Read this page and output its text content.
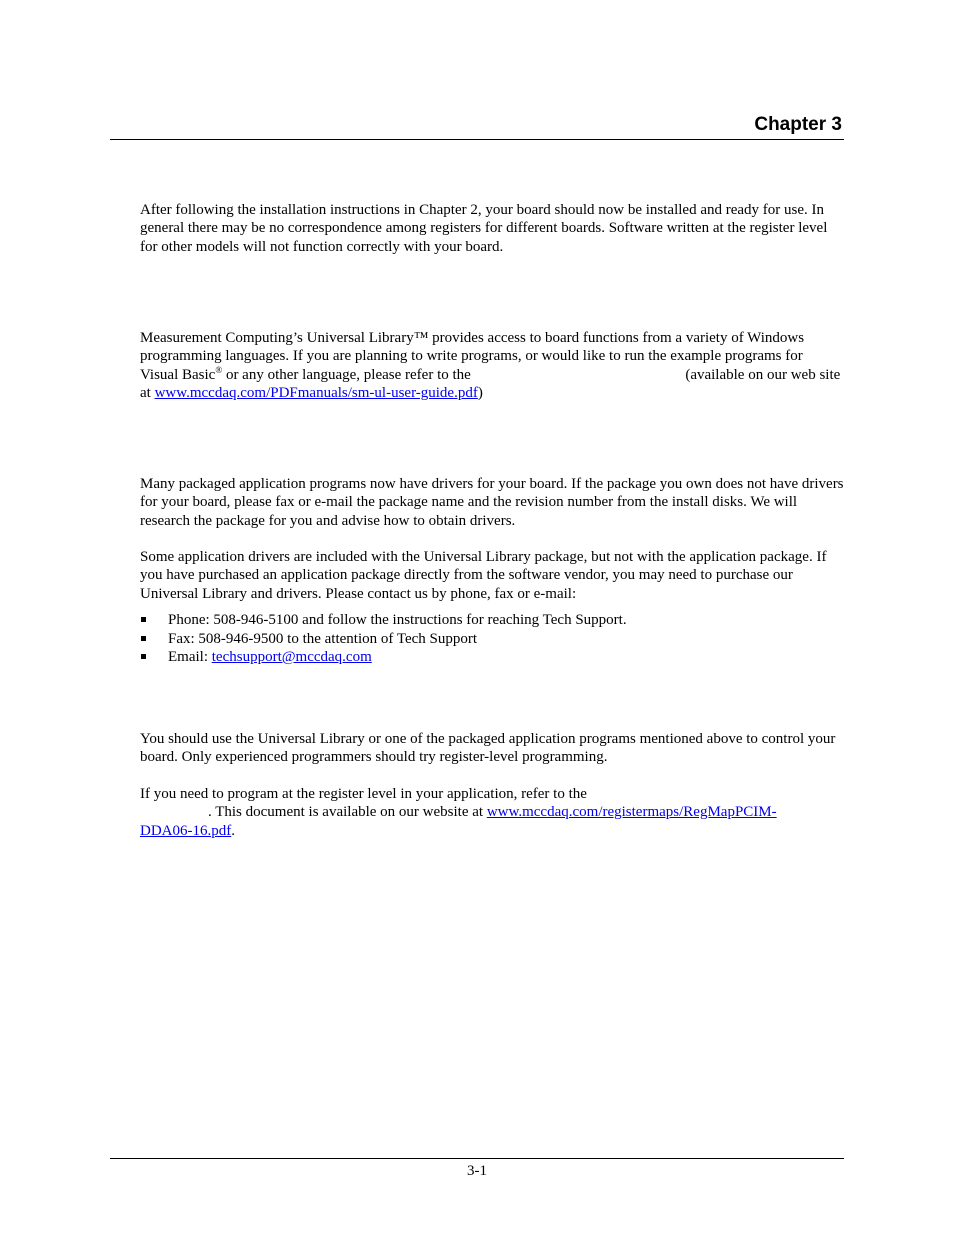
Chapter 3

After following the installation instructions in Chapter 2, your board should now be installed and ready for use. In general there may be no correspondence among registers for different boards. Software written at the register level for other models will not function correctly with your board.

Measurement Computing’s Universal Library™ provides access to board functions from a variety of Windows programming languages. If you are planning to write programs, or would like to run the example programs for Visual Basic® or any other language, please refer to the	(available on our web site at www.mccdaq.com/PDFmanuals/sm-ul-user-guide.pdf)

Many packaged application programs now have drivers for your board. If the package you own does not have drivers for your board, please fax or e-mail the package name and the revision number from the install disks. We will research the package for you and advise how to obtain drivers.

Some application drivers are included with the Universal Library package, but not with the application package. If you have purchased an application package directly from the software vendor, you may need to purchase our Universal Library and drivers. Please contact us by phone, fax or e-mail:

Phone: 508-946-5100 and follow the instructions for reaching Tech Support.
Fax: 508-946-9500 to the attention of Tech Support
Email: techsupport@mccdaq.com

You should use the Universal Library or one of the packaged application programs mentioned above to control your board. Only experienced programmers should try register-level programming.

If you need to program at the register level in your application, refer to the
. This document is available on our website at www.mccdaq.com/registermaps/RegMapPCIM-
DDA06-16.pdf.

3-1
